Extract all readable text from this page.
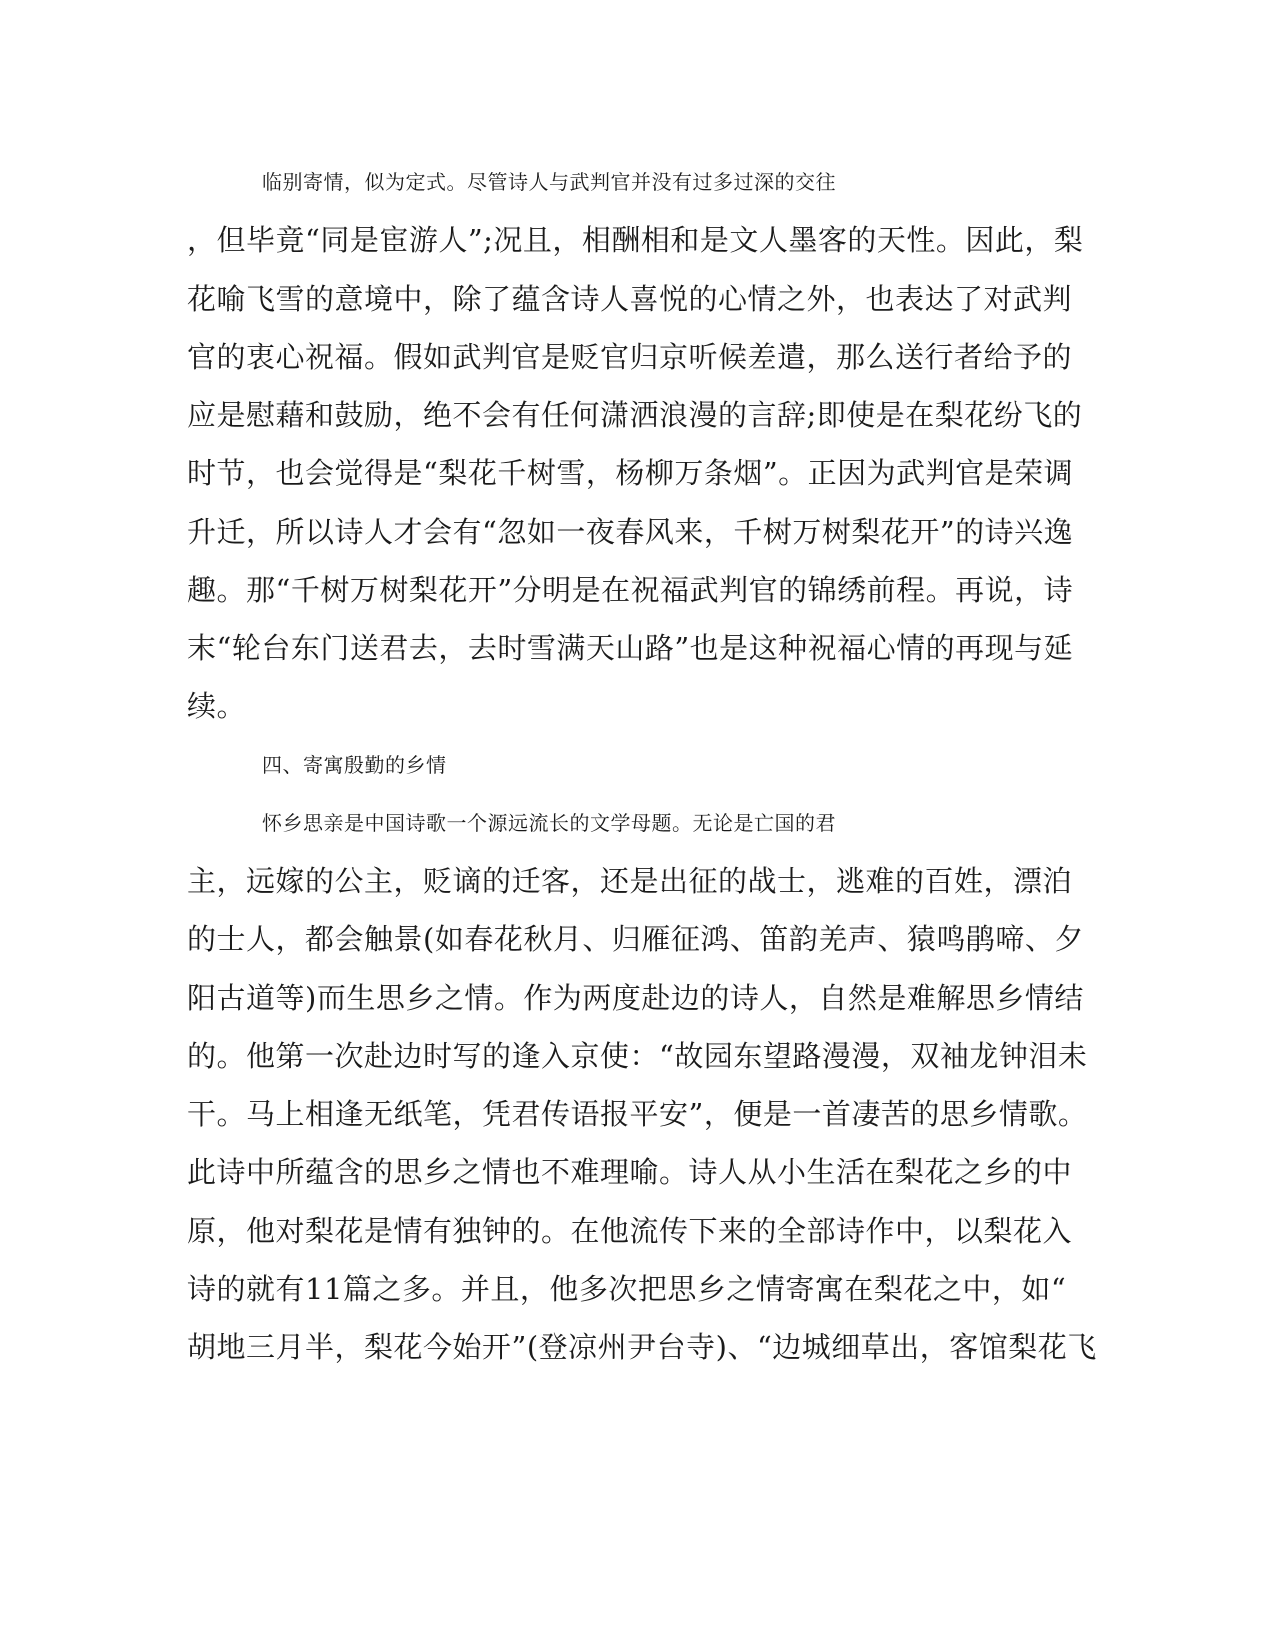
临别寄情，似为定式。尽管诗人与武判官并没有过多过深的交往
，但毕竟“同是宦游人”;况且，相酬相和是文人墨客的天性。因此，梨
花喻飞雪的意境中，除了蕴含诗人喜悦的心情之外，也表达了对武判
官的衷心祝福。假如武判官是贬官归京听候差遣，那么送行者给予的
应是慰藉和鼓励，绝不会有任何潇洒浪漫的言辞;即使是在梨花纷飞的
时节，也会觉得是“梨花千树雪，杨柳万条烟”。正因为武判官是荣调
升迁，所以诗人才会有“忽如一夜春风来，千树万树梨花开”的诗兴逸
趣。那“千树万树梨花开”分明是在祝福武判官的锦绣前程。再说，诗
末“轮台东门送君去，去时雪满天山路”也是这种祝福心情的再现与延
续。
四、寄寓殷勤的乡情
怀乡思亲是中国诗歌一个源远流长的文学母题。无论是亡国的君
主，远嫁的公主，贬谪的迁客，还是出征的战士，逃难的百姓，漂泊
的士人，都会触景(如春花秋月、归雁征鸿、笛韵羌声、猿鸣鹃啼、夕
阳古道等)而生思乡之情。作为两度赴边的诗人，自然是难解思乡情结
的。他第一次赴边时写的逢入京使：“故园东望路漫漫，双袖龙钟泪未
干。马上相逢无纸笔，凭君传语报平安”，便是一首凄苦的思乡情歌。
此诗中所蕴含的思乡之情也不难理喻。诗人从小生活在梨花之乡的中
原，他对梨花是情有独钟的。在他流传下来的全部诗作中，以梨花入
诗的就有11篇之多。并且，他多次把思乡之情寄寓在梨花之中，如“
胡地三月半，梨花今始开”(登凉州尹台寺)、“边城细草出，客馆梨花飞
